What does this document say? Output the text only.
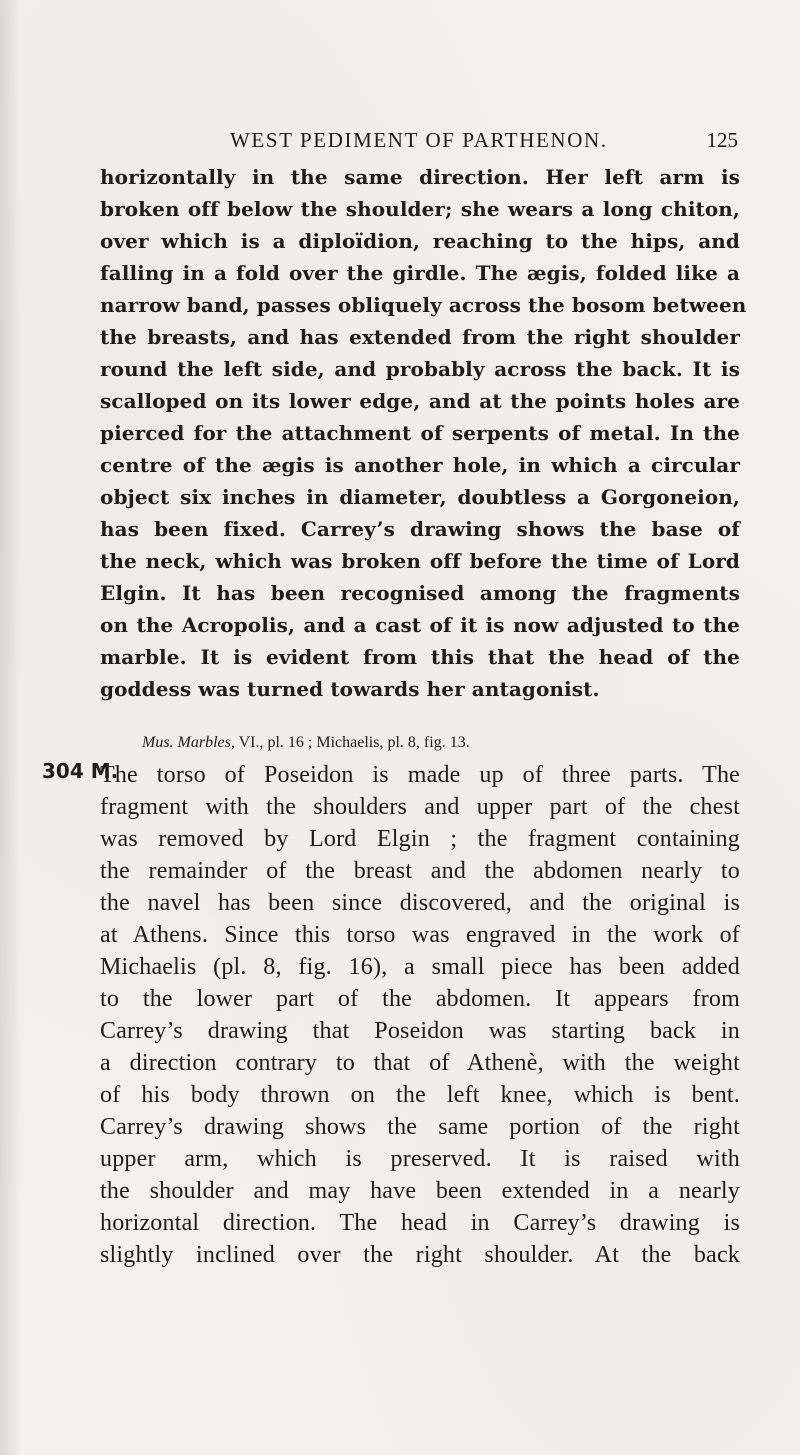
WEST PEDIMENT OF PARTHENON.	125
horizontally in the same direction. Her left arm is
broken off below the shoulder; she wears a long chiton,
over which is a diploïdion, reaching to the hips, and
falling in a fold over the girdle. The ægis, folded like a
narrow band, passes obliquely across the bosom between
the breasts, and has extended from the right shoulder
round the left side, and probably across the back. It is
scalloped on its lower edge, and at the points holes are
pierced for the attachment of serpents of metal. In the
centre of the ægis is another hole, in which a circular
object six inches in diameter, doubtless a Gorgoneion,
has been fixed. Carrey’s drawing shows the base of
the neck, which was broken off before the time of Lord
Elgin. It has been recognised among the fragments
on the Acropolis, and a cast of it is now adjusted to the
marble. It is evident from this that the head of the
goddess was turned towards her antagonist.
Mus. Marbles, VI., pl. 16 ; Michaelis, pl. 8, fig. 13.
304 M.
The torso of Poseidon is made up of three parts. The
fragment with the shoulders and upper part of the chest
was removed by Lord Elgin ; the fragment containing
the remainder of the breast and the abdomen nearly to
the navel has been since discovered, and the original is
at Athens. Since this torso was engraved in the work of
Michaelis (pl. 8, fig. 16), a small piece has been added
to the lower part of the abdomen. It appears from
Carrey’s drawing that Poseidon was starting back in
a direction contrary to that of Athenè, with the weight
of his body thrown on the left knee, which is bent.
Carrey’s drawing shows the same portion of the right
upper arm, which is preserved. It is raised with
the shoulder and may have been extended in a nearly
horizontal direction. The head in Carrey’s drawing is
slightly inclined over the right shoulder. At the back
